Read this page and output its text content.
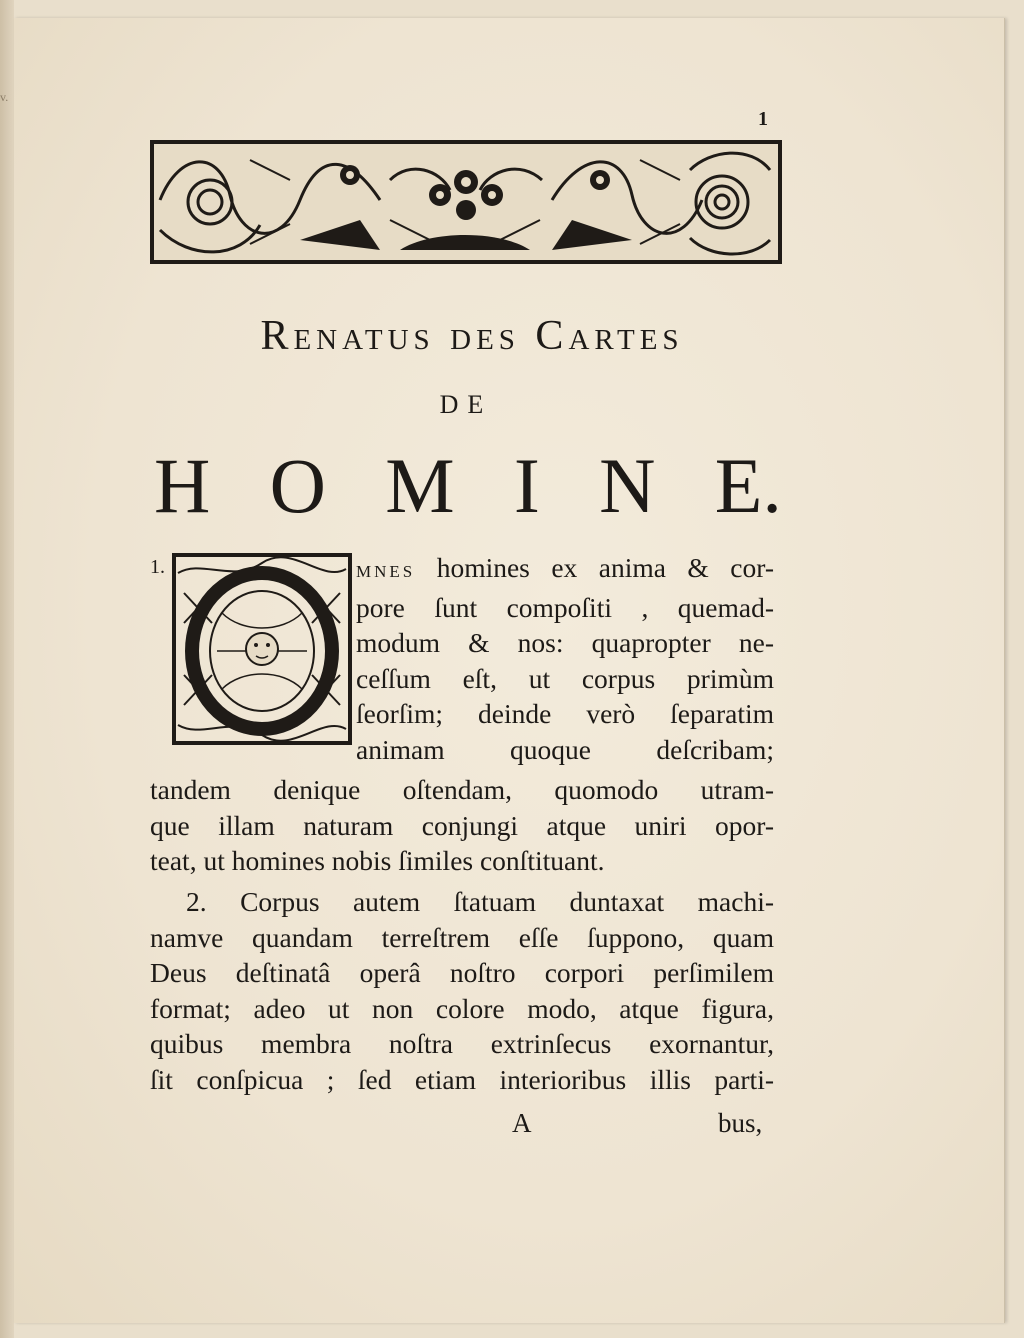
v.
1
Renatus des Cartes
DE
H O M I N E.
1.	MNES homines ex anima & cor-
pore ſunt compoſiti , quemad-
modum & nos: quapropter ne-
ceſſum eſt, ut corpus primùm
ſeorſim; deinde verò ſeparatim
animam quoque deſcribam;
tandem denique oſtendam, quomodo utram-
que illam naturam conjungi atque uniri opor-
teat, ut homines nobis ſimiles conſtituant.
2. Corpus autem ſtatuam duntaxat machi-
namve quandam terreſtrem eſſe ſuppono, quam
Deus deſtinatâ operâ noſtro corpori perſimilem
format; adeo ut non colore modo, atque figura,
quibus membra noſtra extrinſecus exornantur,
ſit conſpicua ; ſed etiam interioribus illis parti-
A	bus,
